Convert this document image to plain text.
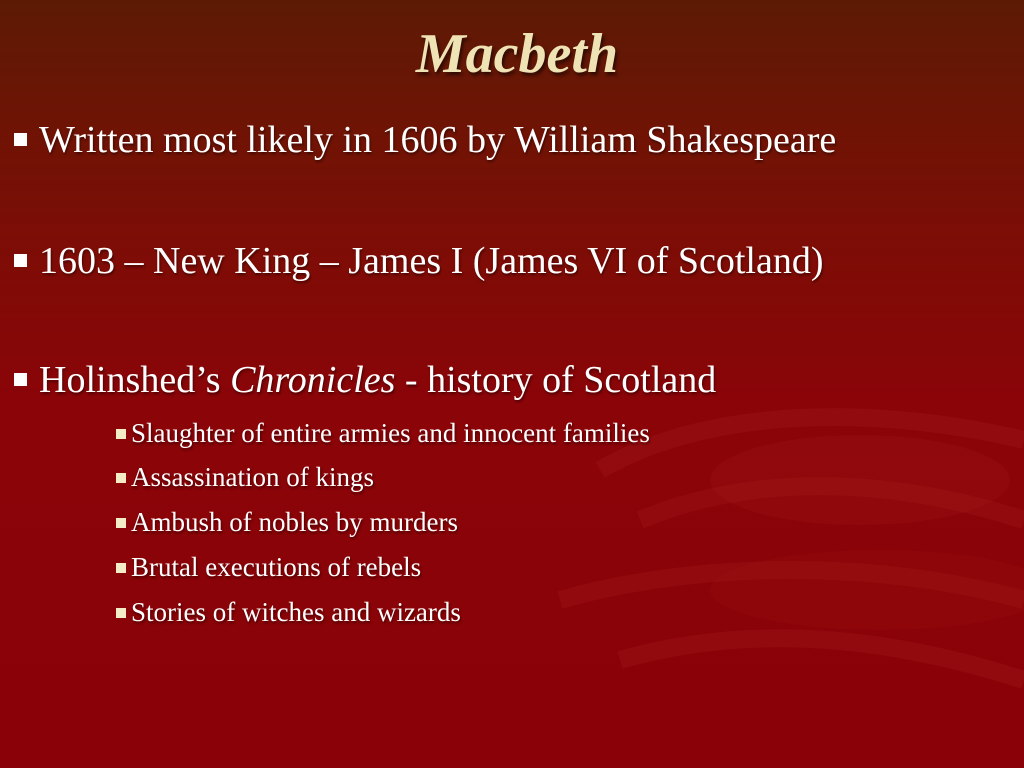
Macbeth
Written most likely in 1606 by William Shakespeare
1603 – New King – James I (James VI of Scotland)
Holinshed’s Chronicles - history of Scotland
Slaughter of entire armies and innocent families
Assassination of kings
Ambush of nobles by murders
Brutal executions of rebels
Stories of witches and wizards
